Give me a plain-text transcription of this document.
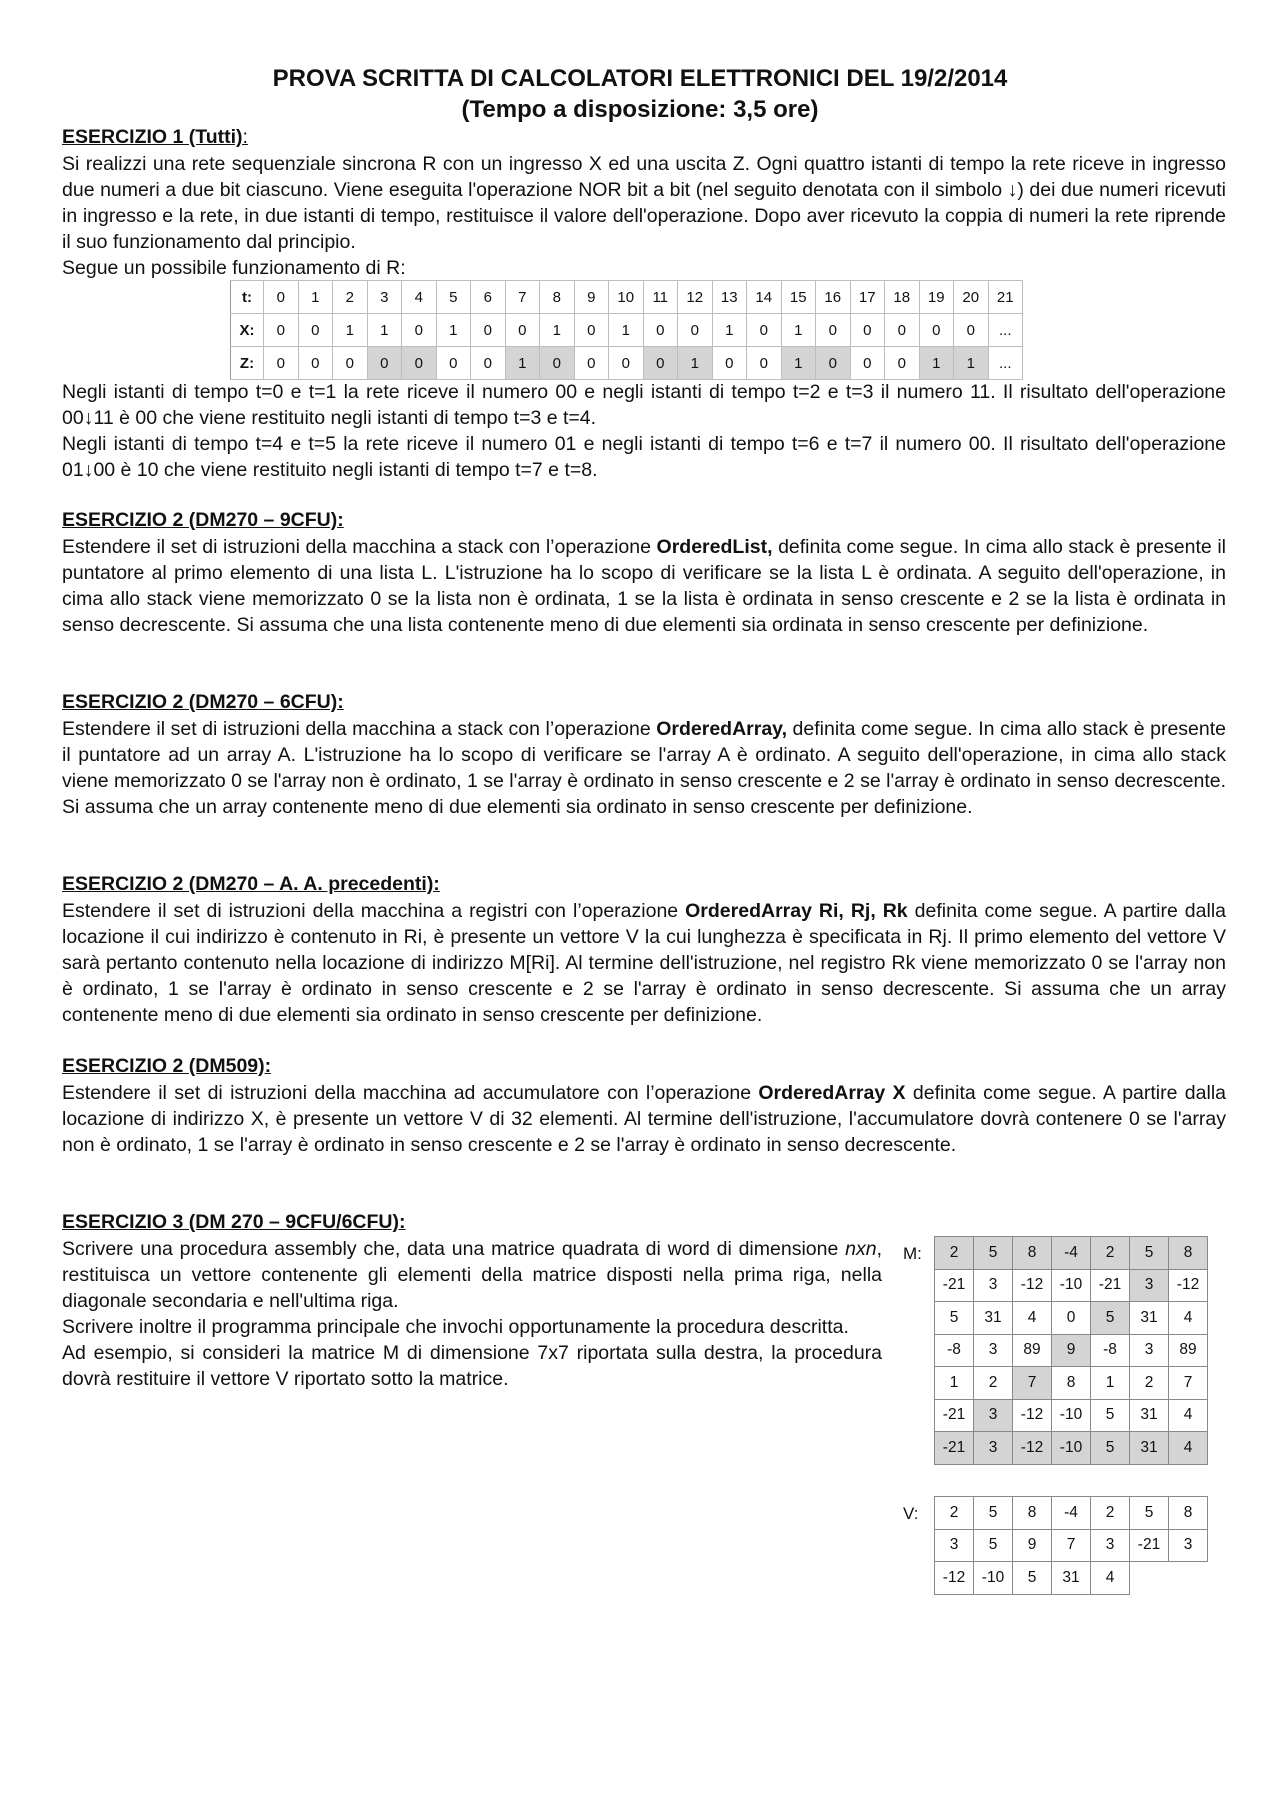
PROVA SCRITTA DI CALCOLATORI ELETTRONICI DEL 19/2/2014
(Tempo a disposizione: 3,5 ore)
ESERCIZIO 1 (Tutti):

Si realizzi una rete sequenziale sincrona R con un ingresso X ed una uscita Z. Ogni quattro istanti di tempo la rete riceve in ingresso due numeri a due bit ciascuno. Viene eseguita l'operazione NOR bit a bit (nel seguito denotata con il simbolo ↓) dei due numeri ricevuti in ingresso e la rete, in due istanti di tempo, restituisce il valore dell'operazione. Dopo aver ricevuto la coppia di numeri la rete riprende il suo funzionamento dal principio.

Segue un possibile funzionamento di R:

t:	0	1	2	3	4	5	6	7	8	9	10	11	12	13	14	15	16	17	18	19	20	21
X:	0	0	1	1	0	1	0	0	1	0	1	0	0	1	0	1	0	0	0	0	0	...
Z:	0	0	0	0	0	0	0	1	0	0	0	0	1	0	0	1	0	0	0	1	1	...

Negli istanti di tempo t=0 e t=1 la rete riceve il numero 00 e negli istanti di tempo t=2 e t=3 il numero 11. Il risultato dell'operazione 00↓11 è 00 che viene restituito negli istanti di tempo t=3 e t=4.

Negli istanti di tempo t=4 e t=5 la rete riceve il numero 01 e negli istanti di tempo t=6 e t=7 il numero 00. Il risultato dell'operazione 01↓00 è 10 che viene restituito negli istanti di tempo t=7 e t=8.

ESERCIZIO 2 (DM270 – 9CFU):

Estendere il set di istruzioni della macchina a stack con l’operazione OrderedList, definita come segue. In cima allo stack è presente il puntatore al primo elemento di una lista L. L'istruzione ha lo scopo di verificare se la lista L è ordinata. A seguito dell'operazione, in cima allo stack viene memorizzato 0 se la lista non è ordinata, 1 se la lista è ordinata in senso crescente e 2 se la lista è ordinata in senso decrescente. Si assuma che una lista contenente meno di due elementi sia ordinata in senso crescente per definizione.

ESERCIZIO 2 (DM270 – 6CFU):

Estendere il set di istruzioni della macchina a stack con l’operazione OrderedArray, definita come segue. In cima allo stack è presente il puntatore ad un array A. L'istruzione ha lo scopo di verificare se l'array A è ordinato. A seguito dell'operazione, in cima allo stack viene memorizzato 0 se l'array non è ordinato, 1 se l'array è ordinato in senso crescente e 2 se l'array è ordinato in senso decrescente. Si assuma che un array contenente meno di due elementi sia ordinato in senso crescente per definizione.

ESERCIZIO 2 (DM270 – A. A. precedenti):

Estendere il set di istruzioni della macchina a registri con l’operazione OrderedArray Ri, Rj, Rk definita come segue. A partire dalla locazione il cui indirizzo è contenuto in Ri, è presente un vettore V la cui lunghezza è specificata in Rj. Il primo elemento del vettore V sarà pertanto contenuto nella locazione di indirizzo M[Ri]. Al termine dell'istruzione, nel registro Rk viene memorizzato 0 se l'array non è ordinato, 1 se l'array è ordinato in senso crescente e 2 se l'array è ordinato in senso decrescente. Si assuma che un array contenente meno di due elementi sia ordinato in senso crescente per definizione.

ESERCIZIO 2 (DM509):

Estendere il set di istruzioni della macchina ad accumulatore con l’operazione OrderedArray X definita come segue. A partire dalla locazione di indirizzo X, è presente un vettore V di 32 elementi. Al termine dell'istruzione, l'accumulatore dovrà contenere 0 se l'array non è ordinato, 1 se l'array è ordinato in senso crescente e 2 se l'array è ordinato in senso decrescente.

ESERCIZIO 3 (DM 270 – 9CFU/6CFU):

Scrivere una procedura assembly che, data una matrice quadrata di word di dimensione nxn, restituisca un vettore contenente gli elementi della matrice disposti nella prima riga, nella diagonale secondaria e nell'ultima riga.

Scrivere inoltre il programma principale che invochi opportunamente la procedura descritta.

Ad esempio, si consideri la matrice M di dimensione 7x7 riportata sulla destra, la procedura dovrà restituire il vettore V riportato sotto la matrice.

M: 2	5	8	-4	2	5	8
-21	3	-12	-10	-21	3	-12
5	31	4	0	5	31	4
-8	3	89	9	-8	3	89
1	2	7	8	1	2	7
-21	3	-12	-10	5	31	4
-21	3	-12	-10	5	31	4
V: 2	5	8	-4	2	5	8
3	5	9	7	3	-21	3
-12	-10	5	31	4		
